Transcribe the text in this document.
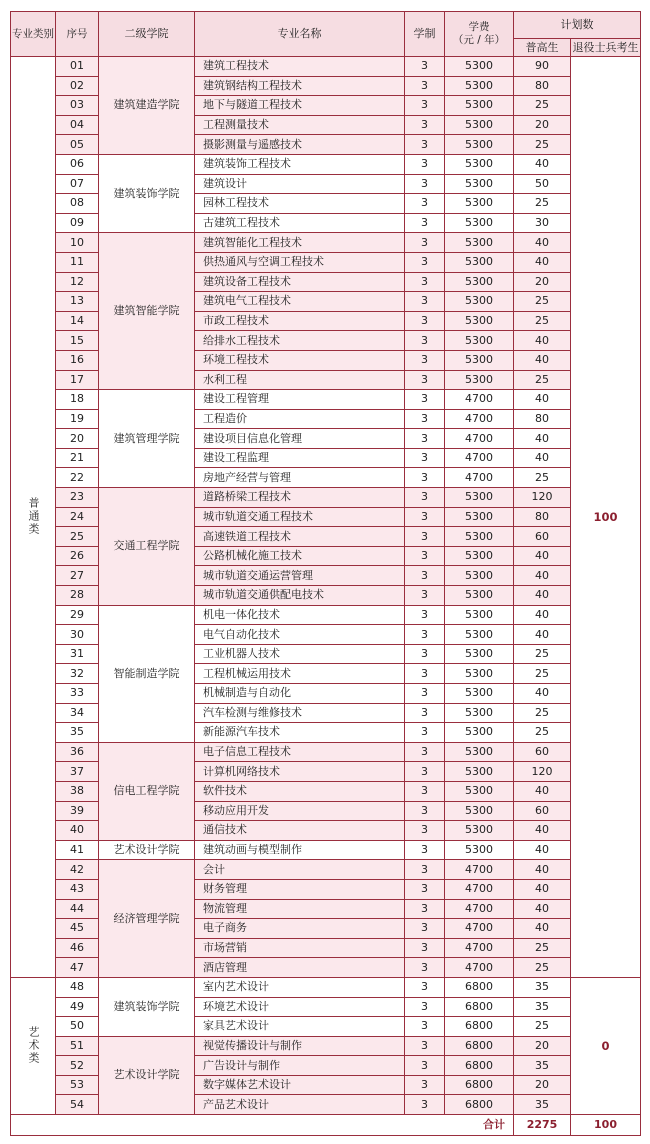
专业类别	序号	二级学院	专业名称	学制	学费
（元 / 年）	计划数	
						普高生	退役士兵考生
普通类	01	建筑建造学院	建筑工程技术	3	5300	90	100
	02		建筑钢结构工程技术	3	5300	80	
	03		地下与隧道工程技术	3	5300	25	
	04		工程测量技术	3	5300	20	
	05		摄影测量与遥感技术	3	5300	25	
	06	建筑装饰学院	建筑装饰工程技术	3	5300	40	
	07		建筑设计	3	5300	50	
	08		园林工程技术	3	5300	25	
	09		古建筑工程技术	3	5300	30	
	10	建筑智能学院	建筑智能化工程技术	3	5300	40	
	11		供热通风与空调工程技术	3	5300	40	
	12		建筑设备工程技术	3	5300	20	
	13		建筑电气工程技术	3	5300	25	
	14		市政工程技术	3	5300	25	
	15		给排水工程技术	3	5300	40	
	16		环境工程技术	3	5300	40	
	17		水利工程	3	5300	25	
	18	建筑管理学院	建设工程管理	3	4700	40	
	19		工程造价	3	4700	80	
	20		建设项目信息化管理	3	4700	40	
	21		建设工程监理	3	4700	40	
	22		房地产经营与管理	3	4700	25	
	23	交通工程学院	道路桥梁工程技术	3	5300	120	
	24		城市轨道交通工程技术	3	5300	80	
	25		高速铁道工程技术	3	5300	60	
	26		公路机械化施工技术	3	5300	40	
	27		城市轨道交通运营管理	3	5300	40	
	28		城市轨道交通供配电技术	3	5300	40	
	29	智能制造学院	机电一体化技术	3	5300	40	
	30		电气自动化技术	3	5300	40	
	31		工业机器人技术	3	5300	25	
	32		工程机械运用技术	3	5300	25	
	33		机械制造与自动化	3	5300	40	
	34		汽车检测与维修技术	3	5300	25	
	35		新能源汽车技术	3	5300	25	
	36	信电工程学院	电子信息工程技术	3	5300	60	
	37		计算机网络技术	3	5300	120	
	38		软件技术	3	5300	40	
	39		移动应用开发	3	5300	60	
	40		通信技术	3	5300	40	
	41	艺术设计学院	建筑动画与模型制作	3	5300	40	
	42	经济管理学院	会计	3	4700	40	
	43		财务管理	3	4700	40	
	44		物流管理	3	4700	40	
	45		电子商务	3	4700	40	
	46		市场营销	3	4700	25	
	47		酒店管理	3	4700	25	
艺术类	48	建筑装饰学院	室内艺术设计	3	6800	35	0
	49		环境艺术设计	3	6800	35	
	50		家具艺术设计	3	6800	25	
	51	艺术设计学院	视觉传播设计与制作	3	6800	20	
	52		广告设计与制作	3	6800	35	
	53		数字媒体艺术设计	3	6800	20	
	54		产品艺术设计	3	6800	35	
合计						2275	100
